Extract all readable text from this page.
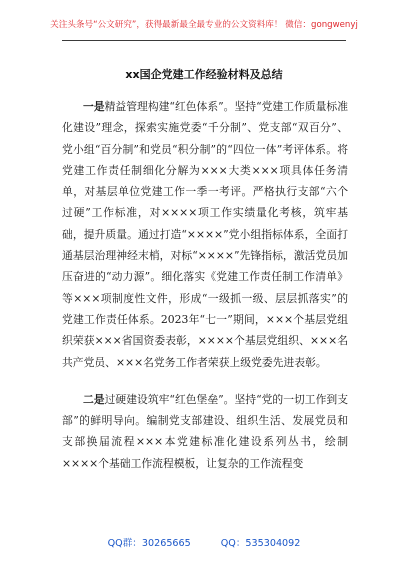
关注头条号“公文研究”，获得最新最全最专业的公文资料库！ 微信：gongwenyj
xx国企党建工作经验材料及总结

一是精益管理构建“红色体系”。坚持“党建工作质量标准化建设”理念，探索实施党委“千分制”、党支部“双百分”、党小组“百分制”和党员“积分制”的“四位一体”考评体系。将党建工作责任制细化分解为×××大类×××项具体任务清单，对基层单位党建工作一季一考评。严格执行支部“六个过硬”工作标准，对××××项工作实绩量化考核，筑牢基础，提升质量。通过打造“××××”党小组指标体系，全面打通基层治理神经末梢，对标“××××”先锋指标，激活党员加压奋进的“动力源”。细化落实《党建工作责任制工作清单》等×××项制度性文件，形成“一级抓一级、层层抓落实”的党建工作责任体系。2023年“七一”期间，×××个基层党组织荣获×××省国资委表彰，××××个基层党组织、×××名共产党员、×××名党务工作者荣获上级党委先进表彰。

二是过硬建设筑牢“红色堡垒”。坚持“党的一切工作到支部”的鲜明导向。编制党支部建设、组织生活、发展党员和支部换届流程×××本党建标准化建设系列丛书，绘制××××个基础工作流程模板，让复杂的工作流程变

QQ群：30265665	QQ：535304092
